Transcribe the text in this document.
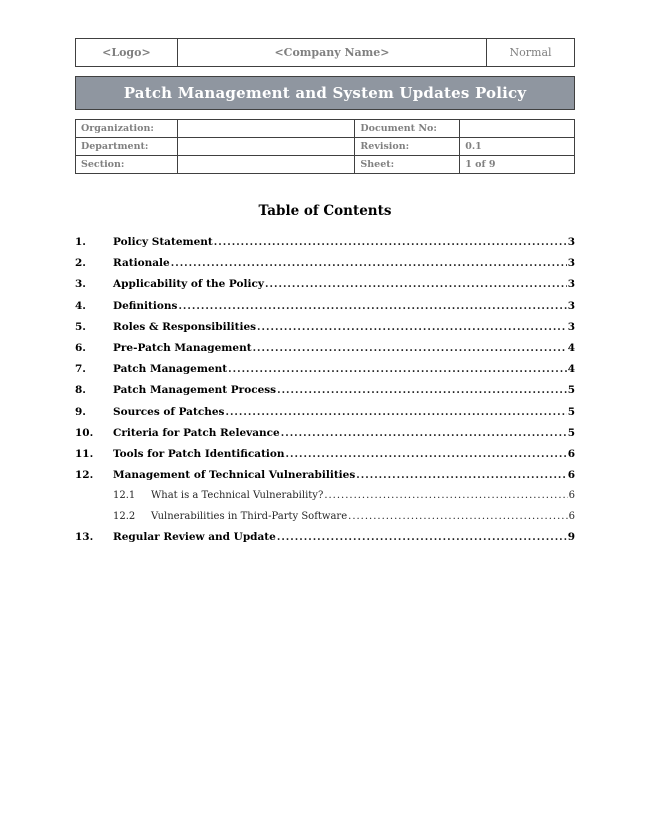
<Logo>	<Company Name>	Normal
Patch Management and System Updates Policy
Organization:		Document No:	
Department:		Revision:	0.1
Section:		Sheet:	1 of 9
Table of Contents
1.	Policy Statement .....	3
2.	Rationale .....	3
3.	Applicability of the Policy .....	3
4.	Definitions .....	3
5.	Roles & Responsibilities .....	3
6.	Pre-Patch Management .....	4
7.	Patch Management .....	4
8.	Patch Management Process .....	5
9.	Sources of Patches .....	5
10.	Criteria for Patch Relevance .....	5
11.	Tools for Patch Identification .....	6
12.	Management of Technical Vulnerabilities .....	6
12.1	What is a Technical Vulnerability? .....	6
12.2	Vulnerabilities in Third-Party Software .....	6
13.	Regular Review and Update .....	9
